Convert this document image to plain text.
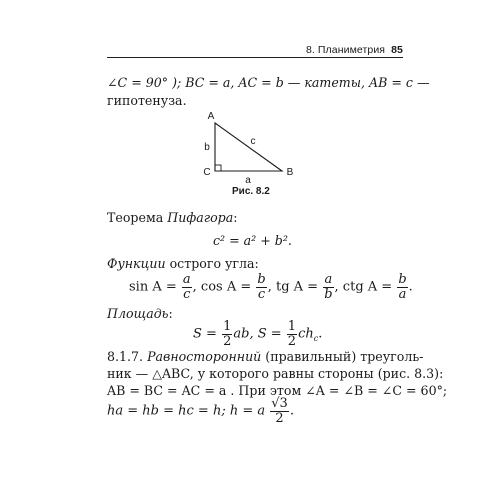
8. Планиметрия 85
∠C = 90° ); BC = a, AC = b — катеты, AB = c —
гипотенуза.
A
B
C
a
b
c
Рис. 8.2
Теорема Пифагора:
c² = a² + b².
Функции острого угла:
$\sin A = \frac{a}{c}$ , $\cos A = \frac{b}{c}$ , tg $A = \frac{a}{b}$ , ctg $A = \frac{b}{a}$ .
Площадь:
$S = \frac{1}{2}$ ab, $S = \frac{1}{2} ch_c$.
8.1.7. Равносторонний (правильный) треуголь-
ник — △ABC, у которого равны стороны (рис. 8.3):
AB = BC = AC = a . При этом ∠A = ∠B = ∠C = 60°;
ha = hb = hc = h; h = a $\frac{√3}{2}$ .
